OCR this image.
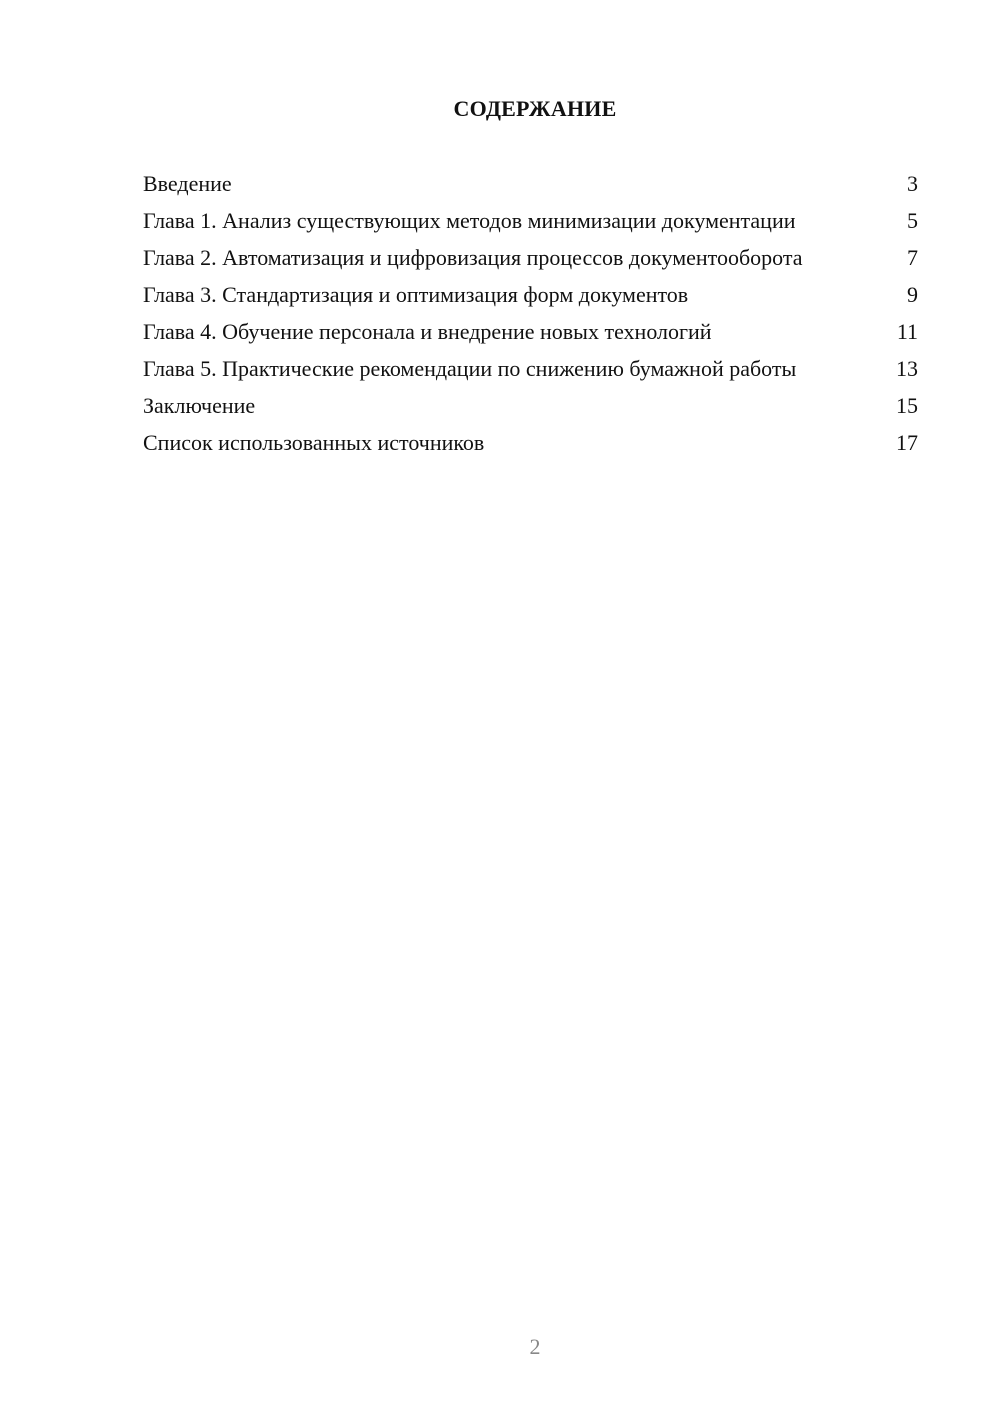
СОДЕРЖАНИЕ
Введение	3
Глава 1. Анализ существующих методов минимизации документации	5
Глава 2. Автоматизация и цифровизация процессов документооборота	7
Глава 3. Стандартизация и оптимизация форм документов	9
Глава 4. Обучение персонала и внедрение новых технологий	11
Глава 5. Практические рекомендации по снижению бумажной работы	13
Заключение	15
Список использованных источников	17
2
